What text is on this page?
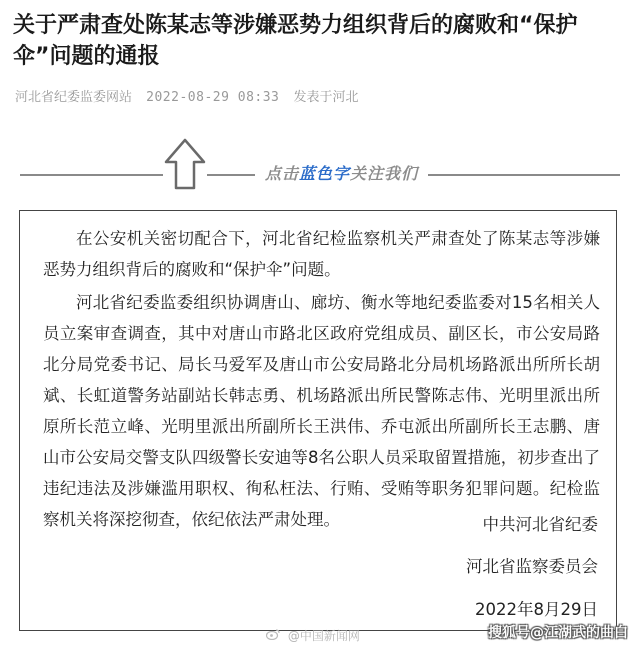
关于严肃查处陈某志等涉嫌恶势力组织背后的腐败和“保护伞”问题的通报
河北省纪委监委网站 2022-08-29 08:33 发表于河北
点击蓝色字关注我们

在公安机关密切配合下，河北省纪检监察机关严肃查处了陈某志等涉嫌恶势力组织背后的腐败和“保护伞”问题。

河北省纪委监委组织协调唐山、廊坊、衡水等地纪委监委对15名相关人员立案审查调查，其中对唐山市路北区政府党组成员、副区长，市公安局路北分局党委书记、局长马爱军及唐山市公安局路北分局机场路派出所所长胡斌、长虹道警务站副站长韩志勇、机场路派出所民警陈志伟、光明里派出所原所长范立峰、光明里派出所副所长王洪伟、乔屯派出所副所长王志鹏、唐山市公安局交警支队四级警长安迪等8名公职人员采取留置措施，初步查出了违纪违法及涉嫌滥用职权、徇私枉法、行贿、受贿等职务犯罪问题。纪检监察机关将深挖彻查，依纪依法严肃处理。	中共河北省纪委
河北省监察委员会
2022年8月29日
@中国新闻网	搜狐号@江湖武的曲白
